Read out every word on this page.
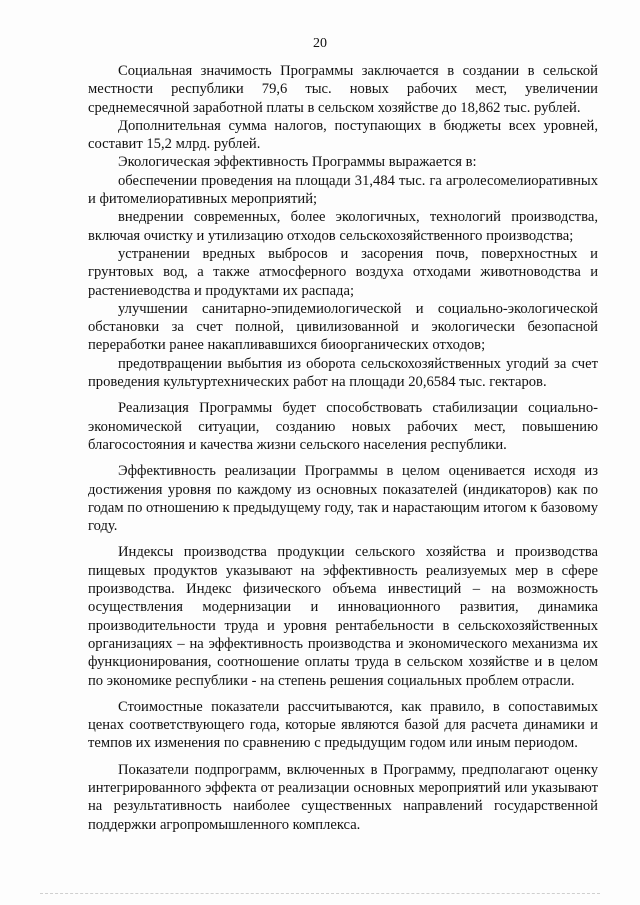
20

Социальная значимость Программы заключается в создании в сельской местности республики 79,6 тыс. новых рабочих мест, увеличении среднемесячной заработной платы в сельском хозяйстве до 18,862 тыс. рублей.

Дополнительная сумма налогов, поступающих в бюджеты всех уровней, составит 15,2 млрд. рублей.

Экологическая эффективность Программы выражается в:

обеспечении проведения на площади 31,484 тыс. га агролесомелиоративных и фитомелиоративных мероприятий;

внедрении современных, более экологичных, технологий производства, включая очистку и утилизацию отходов сельскохозяйственного производства;

устранении вредных выбросов и засорения почв, поверхностных и грунтовых вод, а также атмосферного воздуха отходами животноводства и растениеводства и продуктами их распада;

улучшении санитарно-эпидемиологической и социально-экологической обстановки за счет полной, цивилизованной и экологически безопасной переработки ранее накапливавшихся биоорганических отходов;

предотвращении выбытия из оборота сельскохозяйственных угодий за счет проведения культуртехнических работ на площади 20,6584 тыс. гектаров.

Реализация Программы будет способствовать стабилизации социально-экономической ситуации, созданию новых рабочих мест, повышению благосостояния и качества жизни сельского населения республики.

Эффективность реализации Программы в целом оценивается исходя из достижения уровня по каждому из основных показателей (индикаторов) как по годам по отношению к предыдущему году, так и нарастающим итогом к базовому году.

Индексы производства продукции сельского хозяйства и производства пищевых продуктов указывают на эффективность реализуемых мер в сфере производства. Индекс физического объема инвестиций – на возможность осуществления модернизации и инновационного развития, динамика производительности труда и уровня рентабельности в сельскохозяйственных организациях – на эффективность производства и экономического механизма их функционирования, соотношение оплаты труда в сельском хозяйстве и в целом по экономике республики - на степень решения социальных проблем отрасли.

Стоимостные показатели рассчитываются, как правило, в сопоставимых ценах соответствующего года, которые являются базой для расчета динамики и темпов их изменения по сравнению с предыдущим годом или иным периодом.

Показатели подпрограмм, включенных в Программу, предполагают оценку интегрированного эффекта от реализации основных мероприятий или указывают на результативность наиболее существенных направлений государственной поддержки агропромышленного комплекса.
